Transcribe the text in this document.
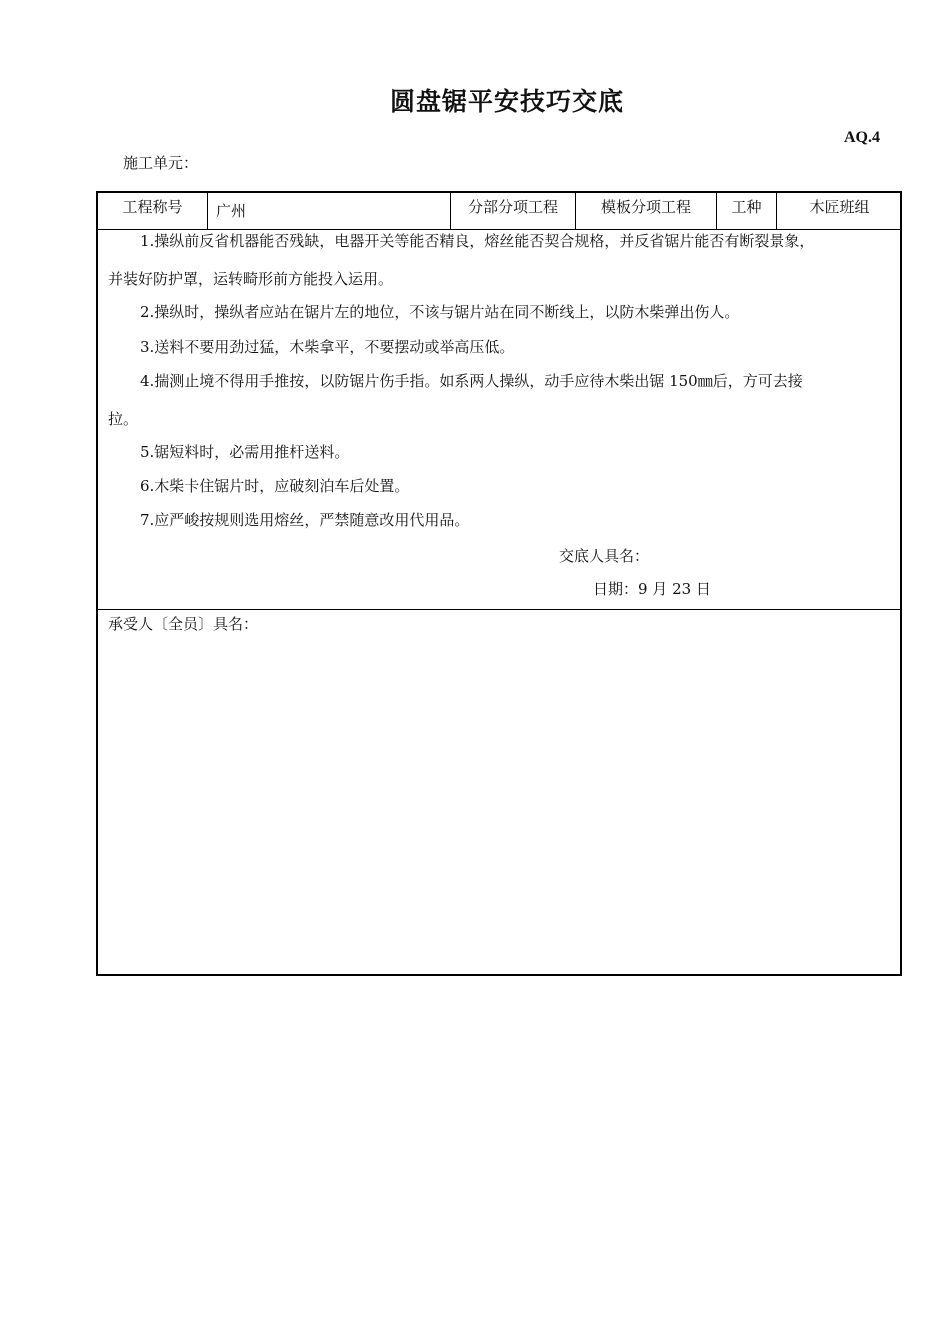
圆盘锯平安技巧交底
AQ.4
施工单元：
工程称号	广州	分部分项工程	模板分项工程	工种	木匠班组
1.操纵前反省机器能否残缺，电器开关等能否精良，熔丝能否契合规格，并反省锯片能否有断裂景象，
并装好防护罩，运转畸形前方能投入运用。
2.操纵时，操纵者应站在锯片左的地位，不该与锯片站在同不断线上，以防木柴弹出伤人。
3.送料不要用劲过猛，木柴拿平，不要摆动或举高压低。
4.揣测止境不得用手推按，以防锯片伤手指。如系两人操纵，动手应待木柴出锯 150㎜后，方可去接
拉。
5.锯短料时，必需用推杆送料。
6.木柴卡住锯片时，应破刻泊车后处置。
7.应严峻按规则选用熔丝，严禁随意改用代用品。
交底人具名：
日期：9 月 23 日
承受人〔全员〕具名：
